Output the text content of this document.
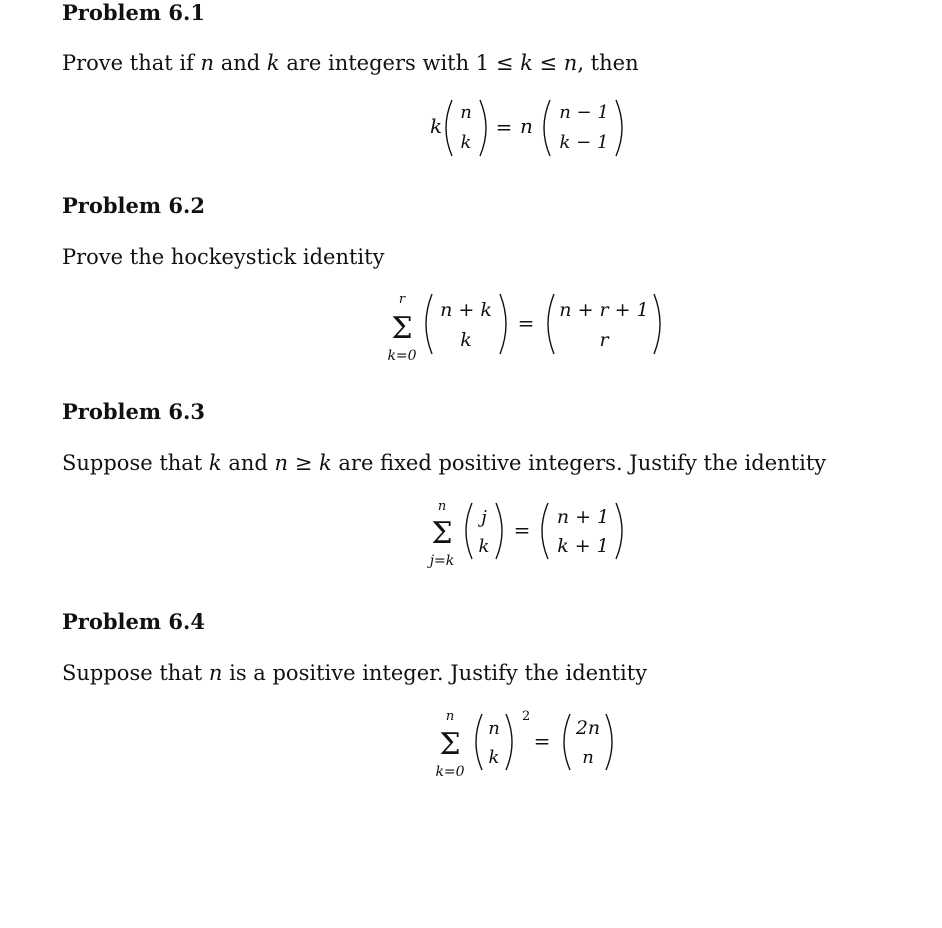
Problem 6.1

Prove that if n and k are integers with 1 ≤ k ≤ n, then

k
n
k
= n
n − 1
k − 1
Problem 6.2

Prove the hockeystick identity

r
Σ
k=0
n + k
k
=
n + r + 1
r
Problem 6.3

Suppose that k and n ≥ k are fixed positive integers. Justify the identity

n
Σ
j=k
j
k
=
n + 1
k + 1
Problem 6.4

Suppose that n is a positive integer. Justify the identity

n
Σ
k=0
n
k
2
=
2n
n
